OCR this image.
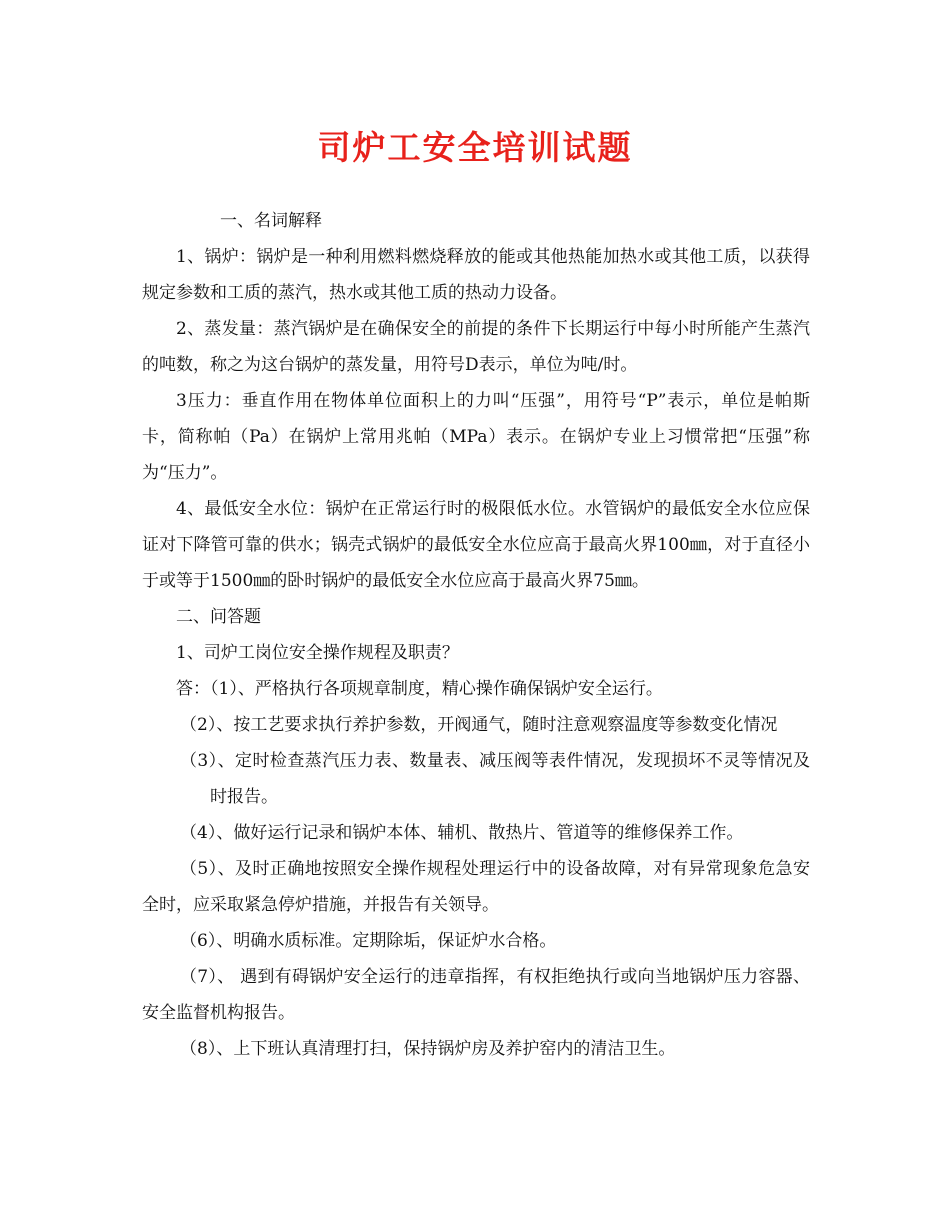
司炉工安全培训试题

一、名词解释

1、锅炉：锅炉是一种利用燃料燃烧释放的能或其他热能加热水或其他工质，以获得规定参数和工质的蒸汽，热水或其他工质的热动力设备。

2、蒸发量：蒸汽锅炉是在确保安全的前提的条件下长期运行中每小时所能产生蒸汽的吨数，称之为这台锅炉的蒸发量，用符号D表示，单位为吨/时。

3压力：垂直作用在物体单位面积上的力叫“压强”，用符号“P”表示，单位是帕斯卡，简称帕（Pa）在锅炉上常用兆帕（MPa）表示。在锅炉专业上习惯常把“压强”称为“压力”。

4、最低安全水位：锅炉在正常运行时的极限低水位。水管锅炉的最低安全水位应保证对下降管可靠的供水；锅壳式锅炉的最低安全水位应高于最高火界100㎜，对于直径小于或等于1500㎜的卧时锅炉的最低安全水位应高于最高火界75㎜。

二、问答题

1、司炉工岗位安全操作规程及职责？

答：（1）、严格执行各项规章制度，精心操作确保锅炉安全运行。

（2）、按工艺要求执行养护参数，开阀通气，随时注意观察温度等参数变化情况

（3）、定时检查蒸汽压力表、数量表、减压阀等表件情况，发现损坏不灵等情况及时报告。

（4）、做好运行记录和锅炉本体、辅机、散热片、管道等的维修保养工作。

（5）、及时正确地按照安全操作规程处理运行中的设备故障，对有异常现象危急安全时，应采取紧急停炉措施，并报告有关领导。

（6）、明确水质标准。定期除垢，保证炉水合格。

（7）、 遇到有碍锅炉安全运行的违章指挥，有权拒绝执行或向当地锅炉压力容器、安全监督机构报告。

（8）、上下班认真清理打扫，保持锅炉房及养护窑内的清洁卫生。
